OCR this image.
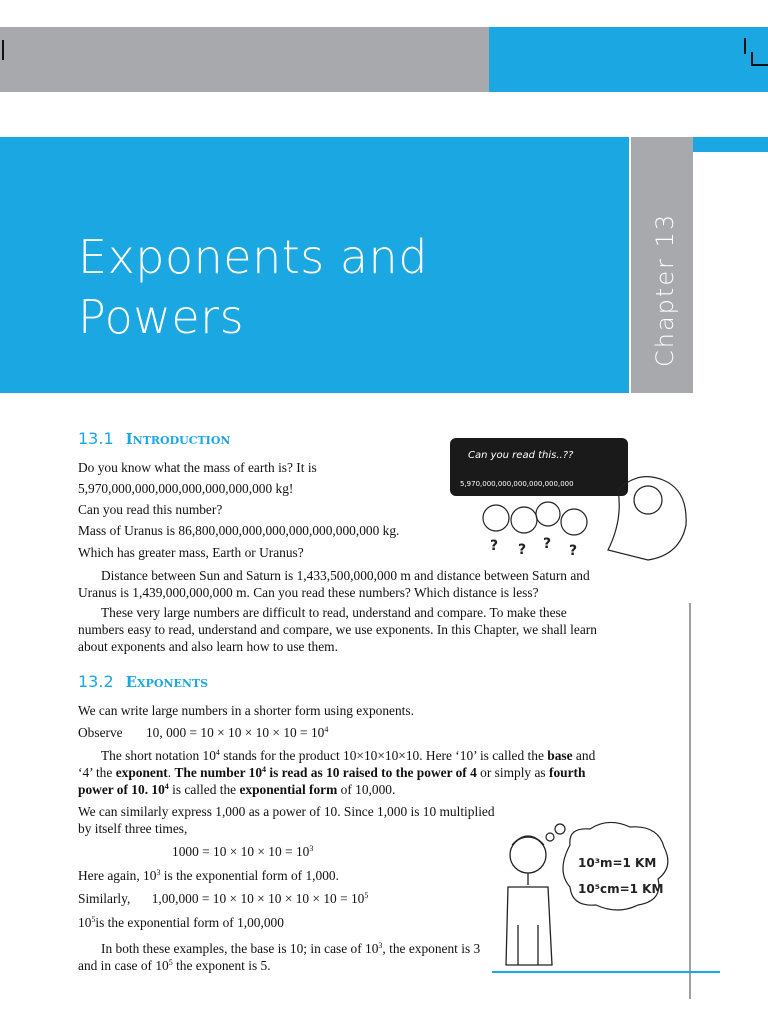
Exponents and
Powers	Chapter 13
13.1 Introduction

Do you know what the mass of earth is? It is

5,970,000,000,000,000,000,000,000 kg!

Can you read this number?

Mass of Uranus is 86,800,000,000,000,000,000,000,000 kg.

Which has greater mass, Earth or Uranus?

Distance between Sun and Saturn is 1,433,500,000,000 m and distance between Saturn and Uranus is 1,439,000,000,000 m. Can you read these numbers? Which distance is less?

These very large numbers are difficult to read, understand and compare. To make these numbers easy to read, understand and compare, we use exponents. In this Chapter, we shall learn about exponents and also learn how to use them.

Can you read this..??
5,970,000,000,000,000,000,000
? ? ? ?
13.2 Exponents

We can write large numbers in a shorter form using exponents.

Observe 10, $000 = 10 \times 10 \times 10 \times 10 = 10^4$

The short notation $10^4$ stands for the product 10×10×10×10. Here ‘10’ is called the base and ‘4’ the exponent. The number $10^4$ is read as 10 raised to the power of 4 or simply as fourth power of 10. $10^4$ is called the exponential form of 10,000.

We can similarly express 1,000 as a power of 10. Since 1,000 is 10 multiplied by itself three times,

$1000 = 10 \times 10 \times 10 = 10^3$

Here again, $10^3$ is the exponential form of 1,000.

Similarly, $1,00,000 = 10 \times 10 \times 10 \times 10 \times 10 = 10^5$

$10^5is$ the exponential form of 1,00,000

In both these examples, the base is 10; in case of $10^3$, the exponent is 3 and in case of $10^5$ the exponent is 5.

10³m=1 KM
10⁵cm=1 KM
